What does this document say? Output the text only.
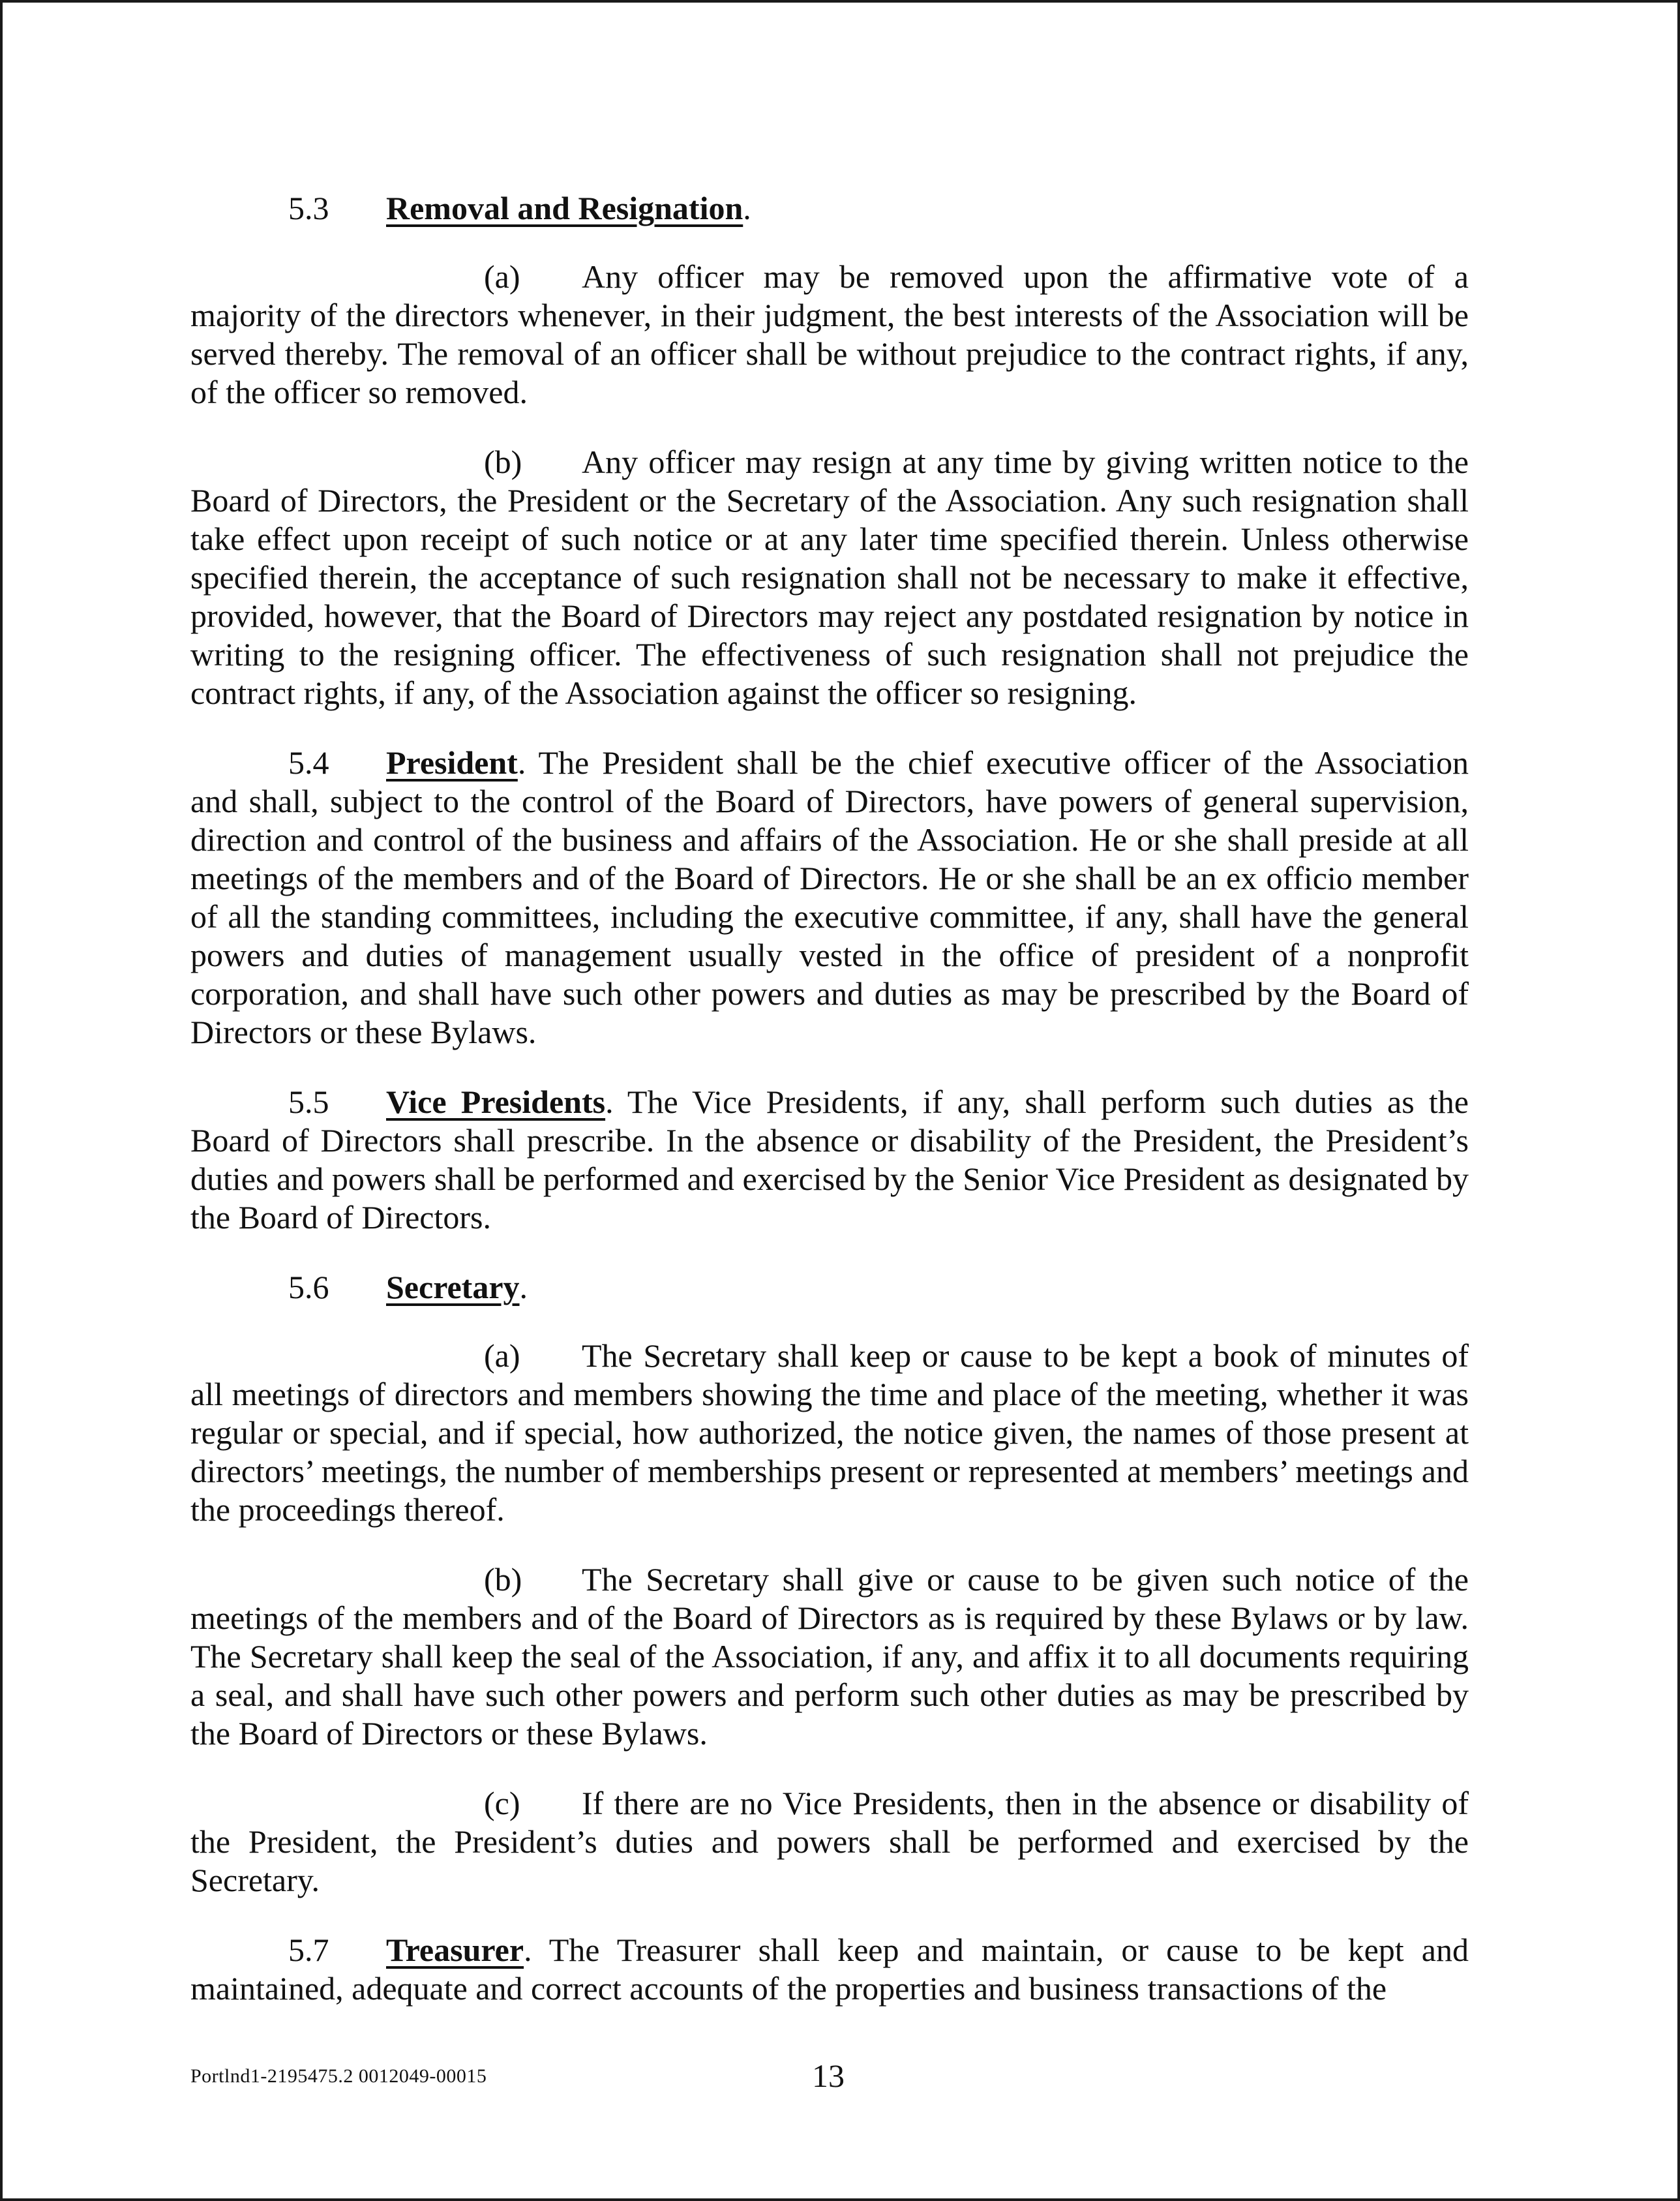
5.3 Removal and Resignation.

(a) Any officer may be removed upon the affirmative vote of a majority of the directors whenever, in their judgment, the best interests of the Association will be served thereby. The removal of an officer shall be without prejudice to the contract rights, if any, of the officer so removed.

(b) Any officer may resign at any time by giving written notice to the Board of Directors, the President or the Secretary of the Association. Any such resignation shall take effect upon receipt of such notice or at any later time specified therein. Unless otherwise specified therein, the acceptance of such resignation shall not be necessary to make it effective, provided, however, that the Board of Directors may reject any postdated resignation by notice in writing to the resigning officer. The effectiveness of such resignation shall not prejudice the contract rights, if any, of the Association against the officer so resigning.

5.4 President. The President shall be the chief executive officer of the Association and shall, subject to the control of the Board of Directors, have powers of general supervision, direction and control of the business and affairs of the Association. He or she shall preside at all meetings of the members and of the Board of Directors. He or she shall be an ex officio member of all the standing committees, including the executive committee, if any, shall have the general powers and duties of management usually vested in the office of president of a nonprofit corporation, and shall have such other powers and duties as may be prescribed by the Board of Directors or these Bylaws.

5.5 Vice Presidents. The Vice Presidents, if any, shall perform such duties as the Board of Directors shall prescribe. In the absence or disability of the President, the President’s duties and powers shall be performed and exercised by the Senior Vice President as designated by the Board of Directors.

5.6 Secretary.

(a) The Secretary shall keep or cause to be kept a book of minutes of all meetings of directors and members showing the time and place of the meeting, whether it was regular or special, and if special, how authorized, the notice given, the names of those present at directors’ meetings, the number of memberships present or represented at members’ meetings and the proceedings thereof.

(b) The Secretary shall give or cause to be given such notice of the meetings of the members and of the Board of Directors as is required by these Bylaws or by law. The Secretary shall keep the seal of the Association, if any, and affix it to all documents requiring a seal, and shall have such other powers and perform such other duties as may be prescribed by the Board of Directors or these Bylaws.

(c) If there are no Vice Presidents, then in the absence or disability of the President, the President’s duties and powers shall be performed and exercised by the Secretary.

5.7 Treasurer. The Treasurer shall keep and maintain, or cause to be kept and maintained, adequate and correct accounts of the properties and business transactions of the

Portlnd1-2195475.2 0012049-00015	13
